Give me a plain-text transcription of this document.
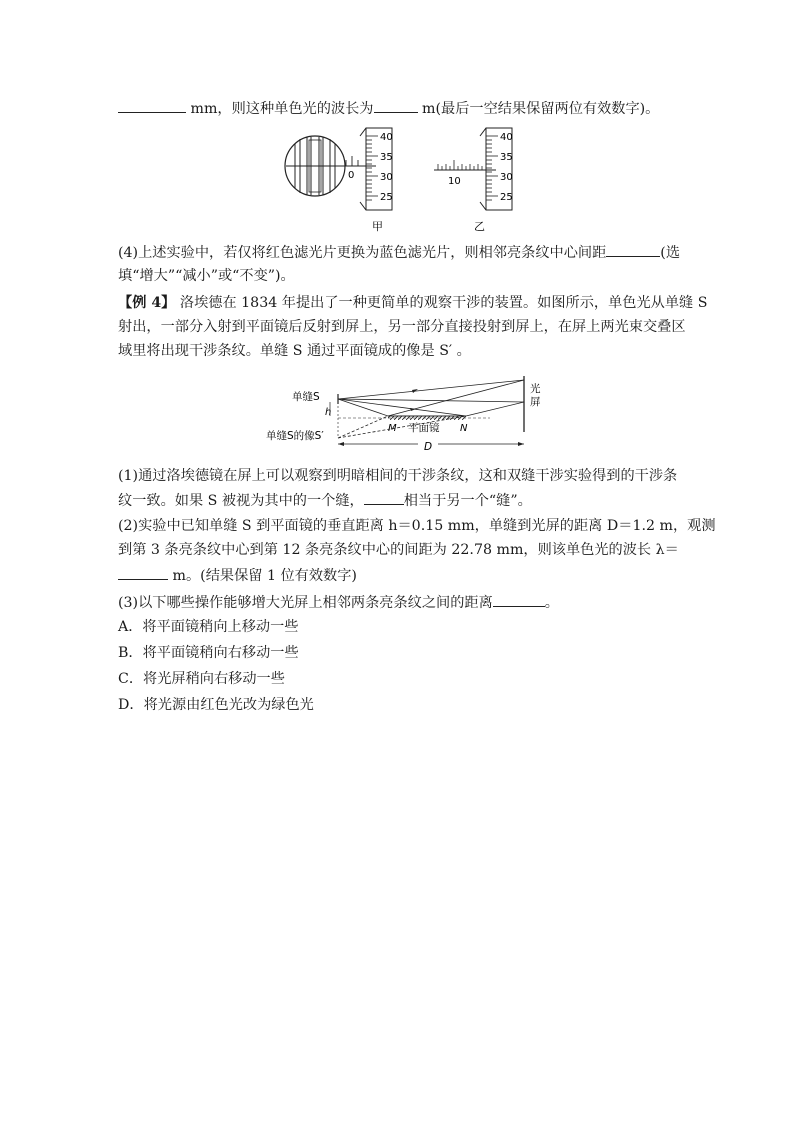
mm，则这种单色光的波长为	m(最后一空结果保留两位有效数字)。
40
35
30
25
0
甲
40
35
30
25
10
乙
(4)上述实验中，若仅将红色滤光片更换为蓝色滤光片，则相邻亮条纹中心间距	(选
填“增大”“减小”或“不变”)。
【例 4】 洛埃德在 1834 年提出了一种更简单的观察干涉的装置。如图所示，单色光从单缝 S
射出，一部分入射到平面镜后反射到屏上，另一部分直接投射到屏上，在屏上两光束交叠区
域里将出现干涉条纹。单缝 S 通过平面镜成的像是 S′ 。
单缝S
h
单缝S的像S′
M 平面镜 N
D
光
屏
(1)通过洛埃德镜在屏上可以观察到明暗相间的干涉条纹，这和双缝干涉实验得到的干涉条
纹一致。如果 S 被视为其中的一个缝，	相当于另一个“缝”。
(2)实验中已知单缝 S 到平面镜的垂直距离 h＝0.15 mm，单缝到光屏的距离 D＝1.2 m，观测
到第 3 条亮条纹中心到第 12 条亮条纹中心的间距为 22.78 mm，则该单色光的波长 λ＝
m。(结果保留 1 位有效数字)
(3)以下哪些操作能够增大光屏上相邻两条亮条纹之间的距离	。
A．将平面镜稍向上移动一些
B．将平面镜稍向右移动一些
C．将光屏稍向右移动一些
D．将光源由红色光改为绿色光
